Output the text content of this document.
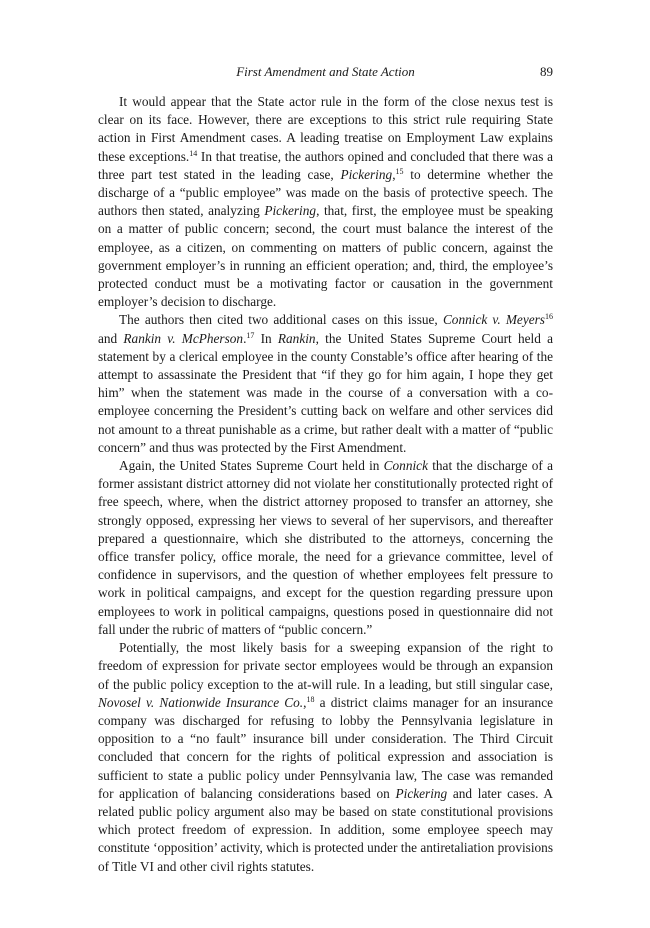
First Amendment and State Action	89

It would appear that the State actor rule in the form of the close nexus test is clear on its face. However, there are exceptions to this strict rule requiring State action in First Amendment cases. A leading treatise on Employment Law explains these exceptions.$^{14}$ In that treatise, the authors opined and concluded that there was a three part test stated in the leading case, Pickering,$^{15}$ to determine whether the discharge of a “public employee” was made on the basis of protective speech. The authors then stated, analyzing Pickering, that, first, the employee must be speaking on a matter of public concern; second, the court must balance the interest of the employee, as a citizen, on commenting on matters of public concern, against the government employer’s in running an efficient operation; and, third, the employee’s protected conduct must be a motivating factor or causation in the government employer’s decision to discharge.

The authors then cited two additional cases on this issue, Connick v. Meyers$^{16}$ and Rankin v. McPherson.$^{17}$ In Rankin, the United States Supreme Court held a statement by a clerical employee in the county Constable’s office after hearing of the attempt to assassinate the President that “if they go for him again, I hope they get him” when the statement was made in the course of a conversation with a co-employee concerning the President’s cutting back on welfare and other services did not amount to a threat punishable as a crime, but rather dealt with a matter of “public concern” and thus was protected by the First Amendment.

Again, the United States Supreme Court held in Connick that the discharge of a former assistant district attorney did not violate her constitutionally protected right of free speech, where, when the district attorney proposed to transfer an attorney, she strongly opposed, expressing her views to several of her supervisors, and thereafter prepared a questionnaire, which she distributed to the attorneys, concerning the office transfer policy, office morale, the need for a grievance committee, level of confidence in supervisors, and the question of whether employees felt pressure to work in political campaigns, and except for the question regarding pressure upon employees to work in political campaigns, questions posed in questionnaire did not fall under the rubric of matters of “public concern.”

Potentially, the most likely basis for a sweeping expansion of the right to freedom of expression for private sector employees would be through an expansion of the public policy exception to the at-will rule. In a leading, but still singular case, Novosel v. Nationwide Insurance Co.,$^{18}$ a district claims manager for an insurance company was discharged for refusing to lobby the Pennsylvania legislature in opposition to a “no fault” insurance bill under consideration. The Third Circuit concluded that concern for the rights of political expression and association is sufficient to state a public policy under Pennsylvania law, The case was remanded for application of balancing considerations based on Pickering and later cases. A related public policy argument also may be based on state constitutional provisions which protect freedom of expression. In addition, some employee speech may constitute ‘opposition’ activity, which is protected under the antiretaliation provisions of Title VI and other civil rights statutes.
